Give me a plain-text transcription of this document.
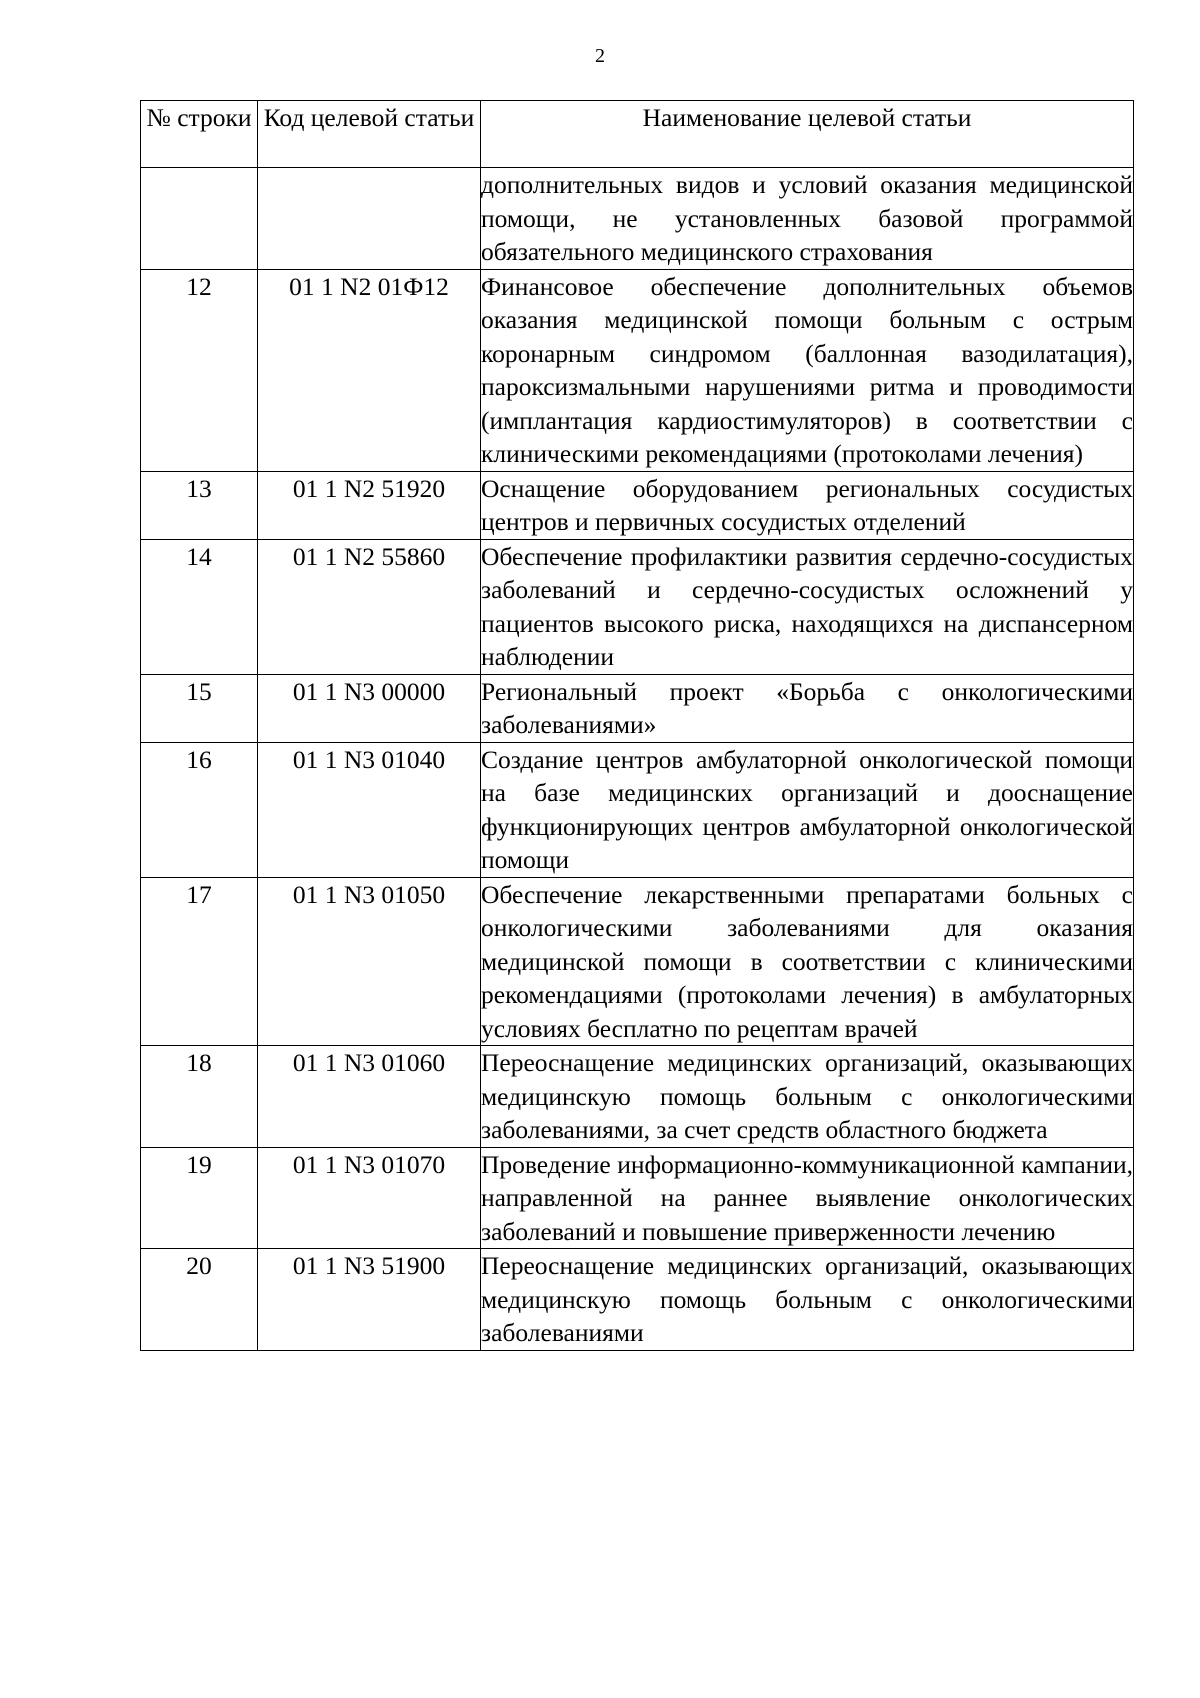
2
№ строки	Код целевой статьи	Наименование целевой статьи
		дополнительных видов и условий оказания медицинской помощи, не установленных базовой программой обязательного медицинского страхования
12	01 1 N2 01Ф12	Финансовое обеспечение дополнительных объемов оказания медицинской помощи больным с острым коронарным синдромом (баллонная вазодилатация), пароксизмальными нарушениями ритма и проводимости (имплантация кардиостимуляторов) в соответствии с клиническими рекомендациями (протоколами лечения)
13	01 1 N2 51920	Оснащение оборудованием региональных сосудистых центров и первичных сосудистых отделений
14	01 1 N2 55860	Обеспечение профилактики развития сердечно-сосудистых заболеваний и сердечно-сосудистых осложнений у пациентов высокого риска, находящихся на диспансерном наблюдении
15	01 1 N3 00000	Региональный проект «Борьба с онкологическими заболеваниями»
16	01 1 N3 01040	Создание центров амбулаторной онкологической помощи на базе медицинских организаций и дооснащение функционирующих центров амбулаторной онкологической помощи
17	01 1 N3 01050	Обеспечение лекарственными препаратами больных с онкологическими заболеваниями для оказания медицинской помощи в соответствии с клиническими рекомендациями (протоколами лечения) в амбулаторных условиях бесплатно по рецептам врачей
18	01 1 N3 01060	Переоснащение медицинских организаций, оказывающих медицинскую помощь больным с онкологическими заболеваниями, за счет средств областного бюджета
19	01 1 N3 01070	Проведение информационно-коммуникационной кампании, направленной на раннее выявление онкологических заболеваний и повышение приверженности лечению
20	01 1 N3 51900	Переоснащение медицинских организаций, оказывающих медицинскую помощь больным с онкологическими заболеваниями
